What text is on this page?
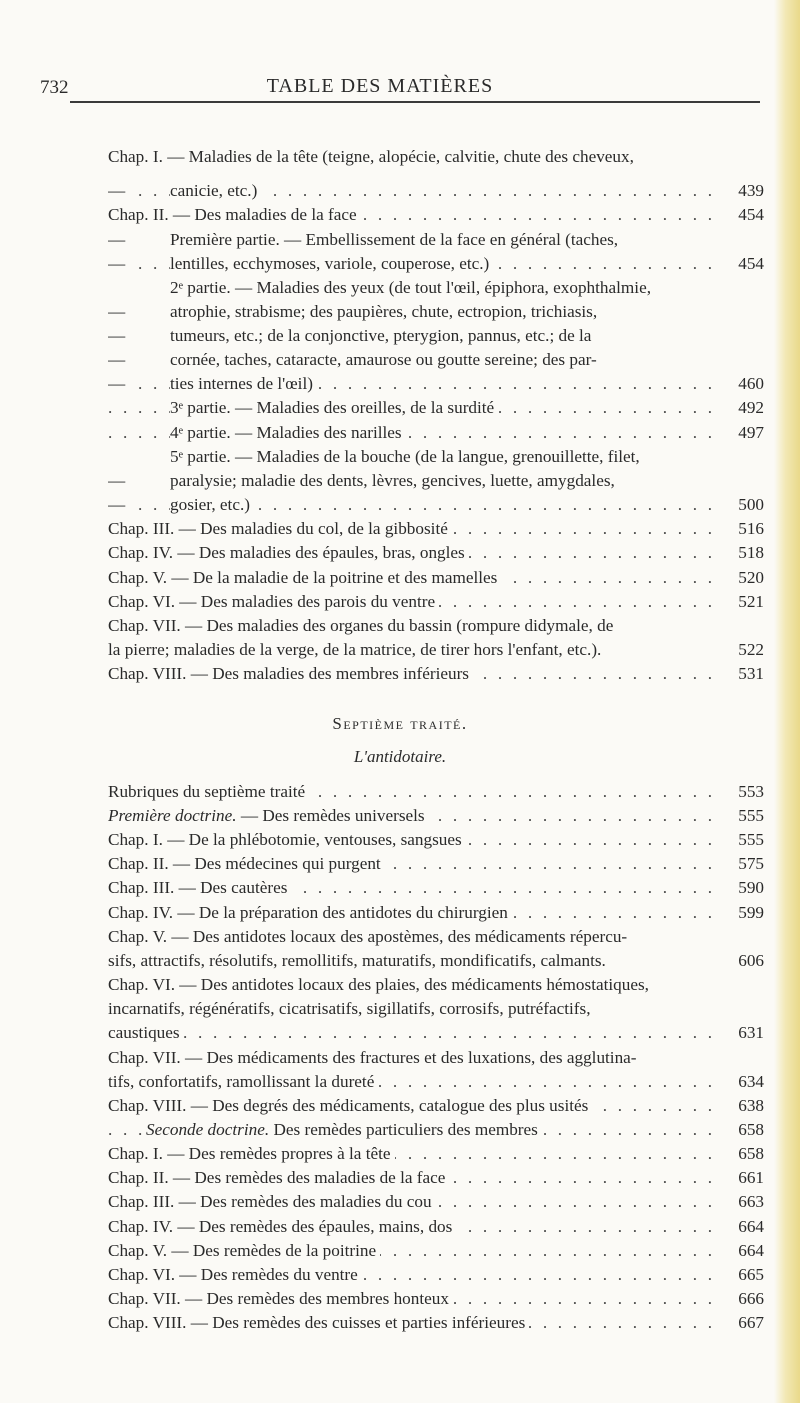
732	TABLE DES MATIÈRES
Chap. I. — Maladies de la tête (teigne, alopécie, calvitie, chute des cheveux,
—	canicie, etc.) . . .	439
Chap. II. — Des maladies de la face . . .	454
—	Première partie. — Embellissement de la face en général (taches,
—	lentilles, ecchymoses, variole, couperose, etc.) . . .	454
2ᵉ partie. — Maladies des yeux (de tout l'œil, épiphora, exophthalmie,
—	atrophie, strabisme; des paupières, chute, ectropion, trichiasis,
—	tumeurs, etc.; de la conjonctive, pterygion, pannus, etc.; de la
—	cornée, taches, cataracte, amaurose ou goutte sereine; des par-
—	ties internes de l'œil) . . .	460
3ᵉ partie. — Maladies des oreilles, de la surdité . . .	492
4ᵉ partie. — Maladies des narilles . . .	497
5ᵉ partie. — Maladies de la bouche (de la langue, grenouillette, filet,
—	paralysie; maladie des dents, lèvres, gencives, luette, amygdales,
—	gosier, etc.) . . .	500
Chap. III. — Des maladies du col, de la gibbosité . . .	516
Chap. IV. — Des maladies des épaules, bras, ongles . . .	518
Chap. V. — De la maladie de la poitrine et des mamelles . . .	520
Chap. VI. — Des maladies des parois du ventre . . .	521
Chap. VII. — Des maladies des organes du bassin (rompure didymale, de
la pierre; maladies de la verge, de la matrice, de tirer hors l'enfant, etc.).	522
Chap. VIII. — Des maladies des membres inférieurs . . .	531
Septième traité.
L'antidotaire.
Rubriques du septième traité . . .	553
Première doctrine. — Des remèdes universels . . .	555
Chap. I. — De la phlébotomie, ventouses, sangsues . . .	555
Chap. II. — Des médecines qui purgent . . .	575
Chap. III. — Des cautères . . .	590
Chap. IV. — De la préparation des antidotes du chirurgien . . .	599
Chap. V. — Des antidotes locaux des apostèmes, des médicaments répercu-
sifs, attractifs, résolutifs, remollitifs, maturatifs, mondificatifs, calmants.	606
Chap. VI. — Des antidotes locaux des plaies, des médicaments hémostatiques,
incarnatifs, régénératifs, cicatrisatifs, sigillatifs, corrosifs, putréfactifs,
caustiques . . .	631
Chap. VII. — Des médicaments des fractures et des luxations, des agglutina-
tifs, confortatifs, ramollissant la dureté . . .	634
Chap. VIII. — Des degrés des médicaments, catalogue des plus usités . . .	638
Seconde doctrine. Des remèdes particuliers des membres . . .	658
Chap. I. — Des remèdes propres à la tête . . .	658
Chap. II. — Des remèdes des maladies de la face . . .	661
Chap. III. — Des remèdes des maladies du cou . . .	663
Chap. IV. — Des remèdes des épaules, mains, dos . . .	664
Chap. V. — Des remèdes de la poitrine . . .	664
Chap. VI. — Des remèdes du ventre . . .	665
Chap. VII. — Des remèdes des membres honteux . . .	666
Chap. VIII. — Des remèdes des cuisses et parties inférieures . . .	667
